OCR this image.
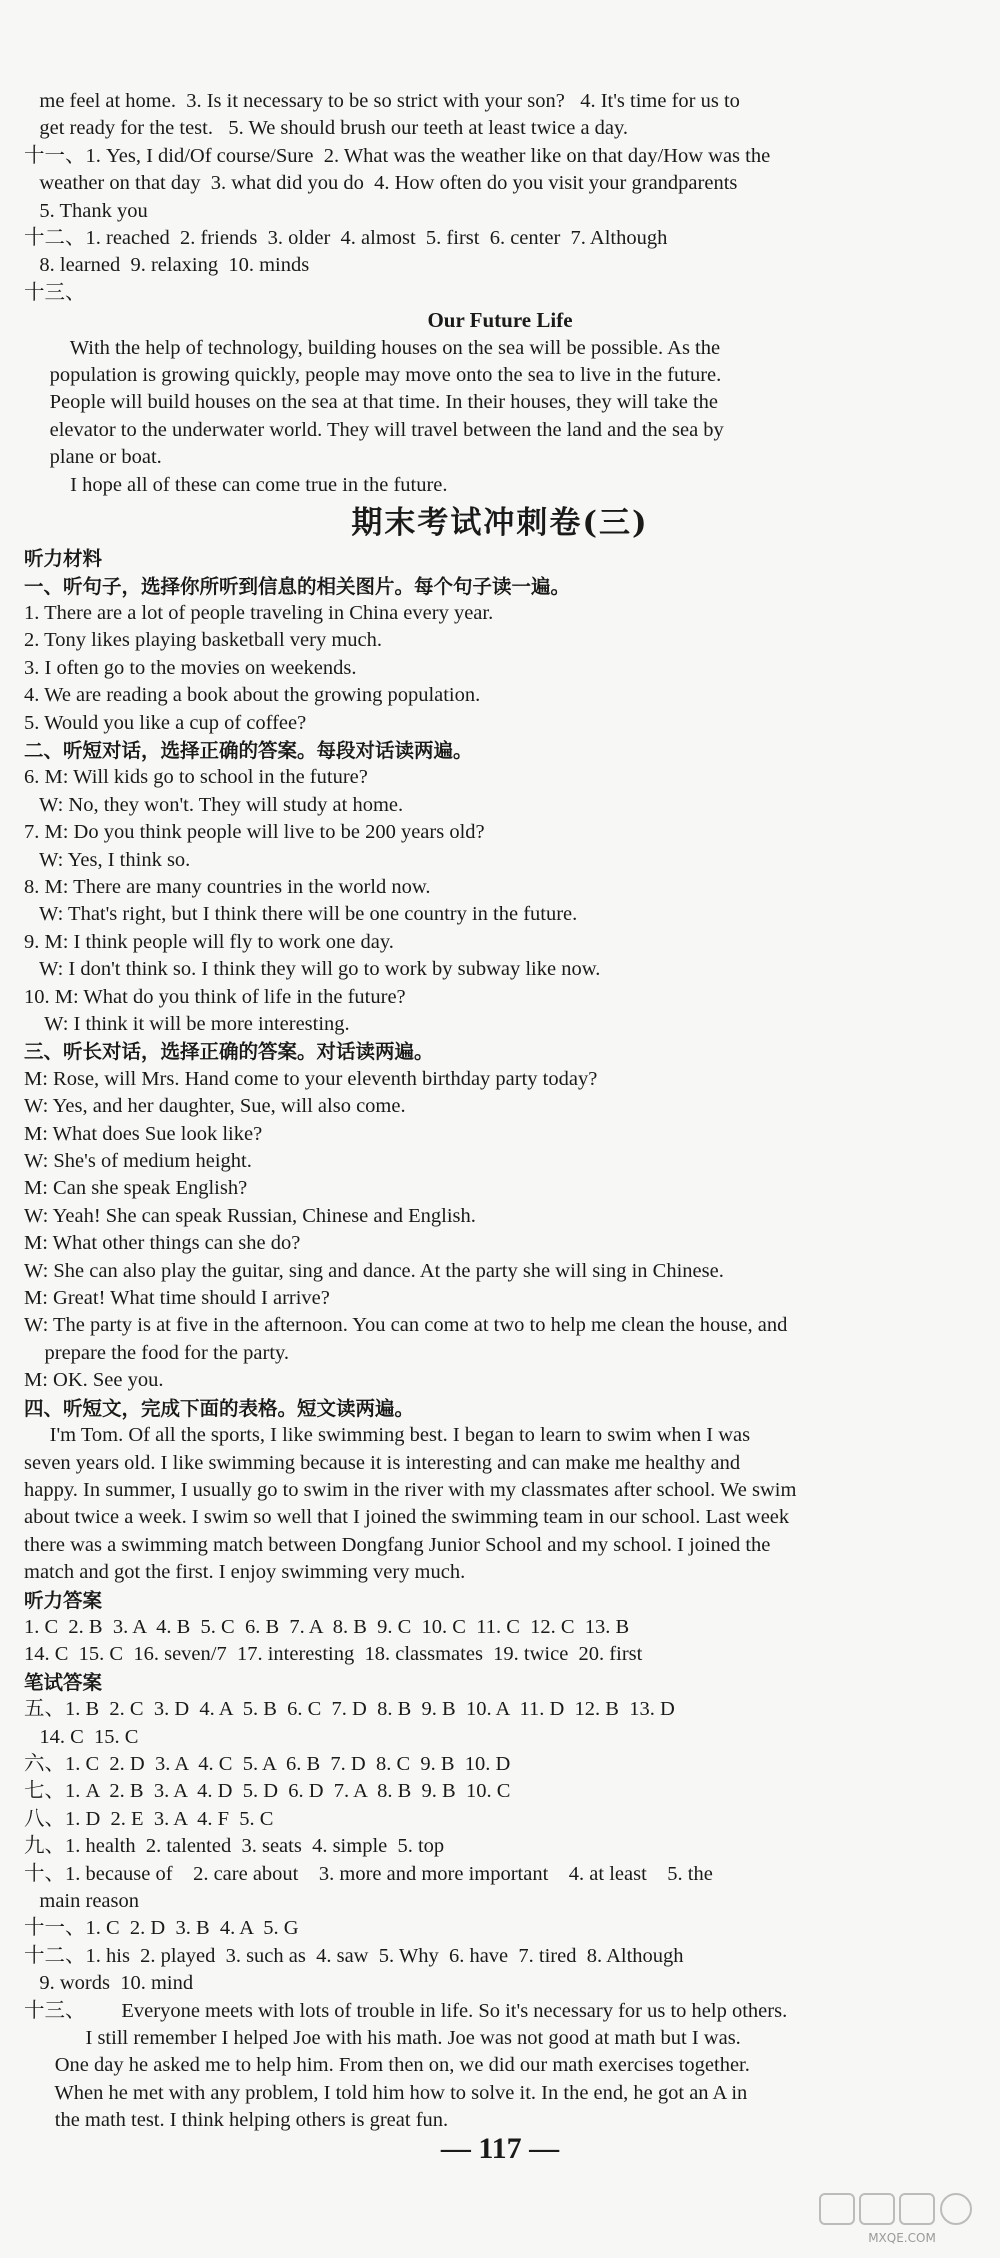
me feel at home.  3. Is it necessary to be so strict with your son?   4. It's time for us to
get ready for the test.   5. We should brush our teeth at least twice a day.
十一、1. Yes, I did/Of course/Sure  2. What was the weather like on that day/How was the
weather on that day  3. what did you do  4. How often do you visit your grandparents
5. Thank you
十二、1. reached  2. friends  3. older  4. almost  5. first  6. center  7. Although
8. learned  9. relaxing  10. minds
十三、
Our Future Life
With the help of technology, building houses on the sea will be possible. As the
population is growing quickly, people may move onto the sea to live in the future.
People will build houses on the sea at that time. In their houses, they will take the
elevator to the underwater world. They will travel between the land and the sea by
plane or boat.
I hope all of these can come true in the future.
期末考试冲刺卷(三)
听力材料
一、听句子，选择你所听到信息的相关图片。每个句子读一遍。
1. There are a lot of people traveling in China every year.
2. Tony likes playing basketball very much.
3. I often go to the movies on weekends.
4. We are reading a book about the growing population.
5. Would you like a cup of coffee?
二、听短对话，选择正确的答案。每段对话读两遍。
6. M: Will kids go to school in the future?
W: No, they won't. They will study at home.
7. M: Do you think people will live to be 200 years old?
W: Yes, I think so.
8. M: There are many countries in the world now.
W: That's right, but I think there will be one country in the future.
9. M: I think people will fly to work one day.
W: I don't think so. I think they will go to work by subway like now.
10. M: What do you think of life in the future?
W: I think it will be more interesting.
三、听长对话，选择正确的答案。对话读两遍。
M: Rose, will Mrs. Hand come to your eleventh birthday party today?
W: Yes, and her daughter, Sue, will also come.
M: What does Sue look like?
W: She's of medium height.
M: Can she speak English?
W: Yeah! She can speak Russian, Chinese and English.
M: What other things can she do?
W: She can also play the guitar, sing and dance. At the party she will sing in Chinese.
M: Great! What time should I arrive?
W: The party is at five in the afternoon. You can come at two to help me clean the house, and
prepare the food for the party.
M: OK. See you.
四、听短文，完成下面的表格。短文读两遍。
I'm Tom. Of all the sports, I like swimming best. I began to learn to swim when I was
seven years old. I like swimming because it is interesting and can make me healthy and
happy. In summer, I usually go to swim in the river with my classmates after school. We swim
about twice a week. I swim so well that I joined the swimming team in our school. Last week
there was a swimming match between Dongfang Junior School and my school. I joined the
match and got the first. I enjoy swimming very much.
听力答案
1. C  2. B  3. A  4. B  5. C  6. B  7. A  8. B  9. C  10. C  11. C  12. C  13. B
14. C  15. C  16. seven/7  17. interesting  18. classmates  19. twice  20. first
笔试答案
五、1. B  2. C  3. D  4. A  5. B  6. C  7. D  8. B  9. B  10. A  11. D  12. B  13. D
14. C  15. C
六、1. C  2. D  3. A  4. C  5. A  6. B  7. D  8. C  9. B  10. D
七、1. A  2. B  3. A  4. D  5. D  6. D  7. A  8. B  9. B  10. C
八、1. D  2. E  3. A  4. F  5. C
九、1. health  2. talented  3. seats  4. simple  5. top
十、1. because of    2. care about    3. more and more important    4. at least    5. the
main reason
十一、1. C  2. D  3. B  4. A  5. G
十二、1. his  2. played  3. such as  4. saw  5. Why  6. have  7. tired  8. Although
9. words  10. mind
十三、       Everyone meets with lots of trouble in life. So it's necessary for us to help others.
I still remember I helped Joe with his math. Joe was not good at math but I was.
One day he asked me to help him. From then on, we did our math exercises together.
When he met with any problem, I told him how to solve it. In the end, he got an A in
the math test. I think helping others is great fun.
— 117 —
MXQE.COM
